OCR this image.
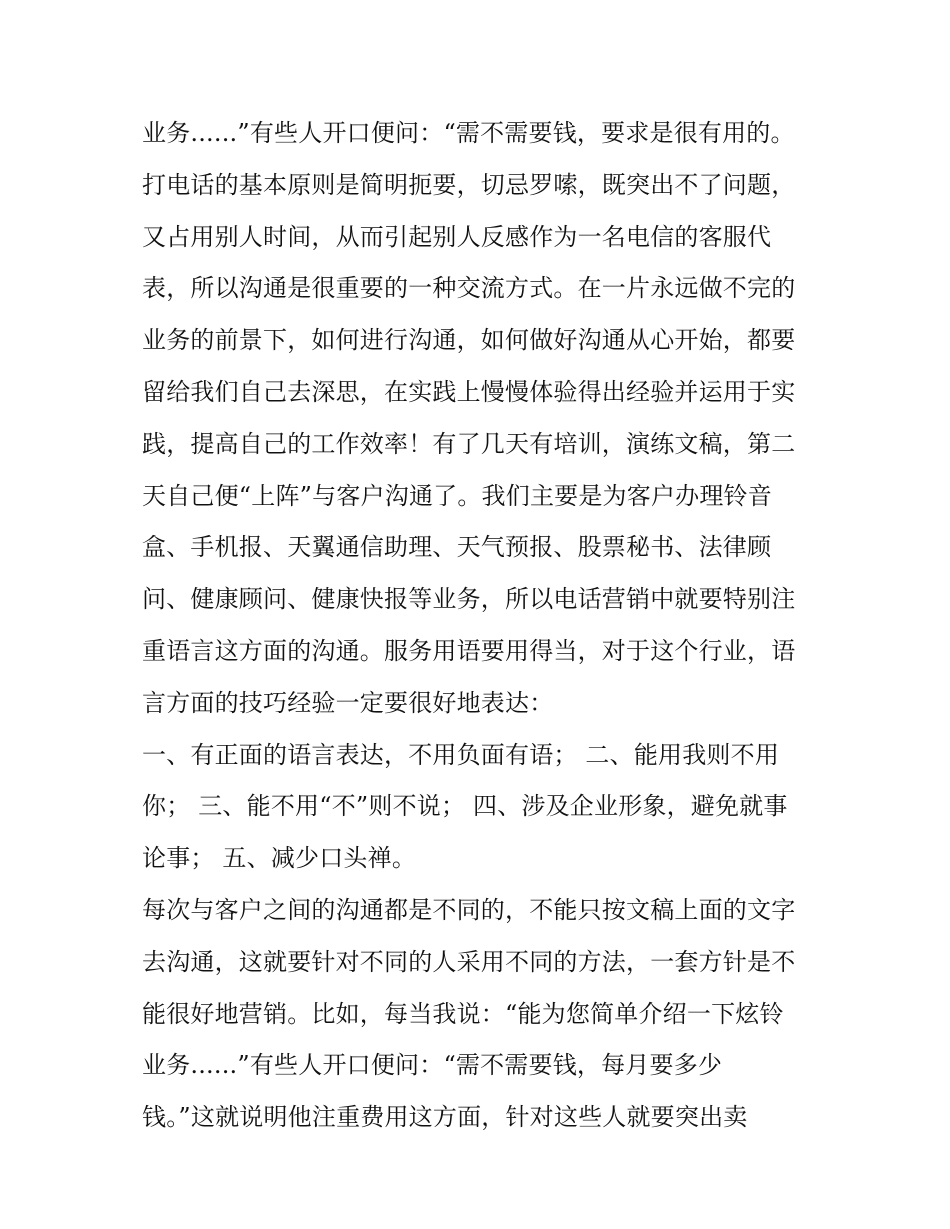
业务......”有些人开口便问：“需不需要钱，要求是很有用的。
打电话的基本原则是简明扼要，切忌罗嗦，既突出不了问题，
又占用别人时间，从而引起别人反感作为一名电信的客服代
表，所以沟通是很重要的一种交流方式。在一片永远做不完的
业务的前景下，如何进行沟通，如何做好沟通从心开始，都要
留给我们自己去深思，在实践上慢慢体验得出经验并运用于实
践，提高自己的工作效率！有了几天有培训，演练文稿，第二
天自己便“上阵”与客户沟通了。我们主要是为客户办理铃音
盒、手机报、天翼通信助理、天气预报、股票秘书、法律顾
问、健康顾问、健康快报等业务，所以电话营销中就要特别注
重语言这方面的沟通。服务用语要用得当，对于这个行业，语
言方面的技巧经验一定要很好地表达：
一、有正面的语言表达，不用负面有语； 二、能用我则不用
你； 三、能不用“不”则不说； 四、涉及企业形象，避免就事
论事； 五、减少口头禅。
每次与客户之间的沟通都是不同的，不能只按文稿上面的文字
去沟通，这就要针对不同的人采用不同的方法，一套方针是不
能很好地营销。比如，每当我说：“能为您简单介绍一下炫铃
业务......”有些人开口便问：“需不需要钱，每月要多少
钱。”这就说明他注重费用这方面，针对这些人就要突出卖
